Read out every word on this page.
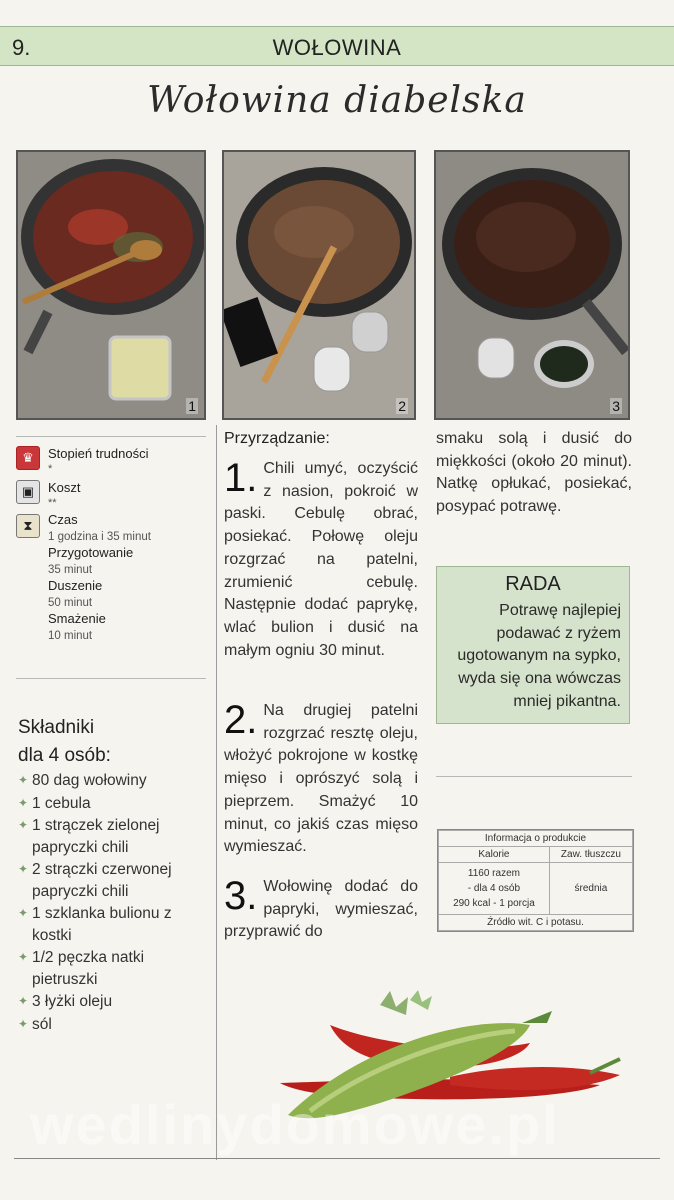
WOŁOWINA
9.
Wołowina diabelska
1	2	3
♛	Stopień trudności
*
▣	Koszt
**
⧗	Czas
1 godzina i 35 minut
Przygotowanie
35 minut
Duszenie
50 minut
Smażenie
10 minut
Składniki
dla 4 osób:
✦ 80 dag wołowiny
✦ 1 cebula
✦ 1 strączek zielonej papryczki chili
✦ 2 strączki czerwonej papryczki chili
✦ 1 szklanka bulionu z kostki
✦ 1/2 pęczka natki pietruszki
✦ 3 łyżki oleju
✦ sól
Przyrządzanie:
1. Chili umyć, oczyścić z nasion, pokroić w paski. Cebulę obrać, posiekać. Połowę oleju rozgrzać na patelni, zrumienić cebulę. Następnie dodać paprykę, wlać bulion i dusić na małym ogniu 30 minut.
2. Na drugiej patelni rozgrzać resztę oleju, włożyć pokrojone w kostkę mięso i oprószyć solą i pieprzem. Smażyć 10 minut, co jakiś czas mięso wymieszać.
3. Wołowinę dodać do papryki, wymieszać, przyprawić do
smaku solą i dusić do miękkości (około 20 minut). Natkę opłukać, posiekać, posypać potrawę.
RADA
Potrawę najlepiej podawać z ryżem ugotowanym na sypko, wyda się ona wówczas mniej pikantna.
Informacja o produkcie	
Kalorie	Zaw. tłuszczu

1160 razem
- dla 4 osób
290 kcal - 1 porcja	średnia
Źródło wit. C i potasu.	
wedlinydomowe.pl
